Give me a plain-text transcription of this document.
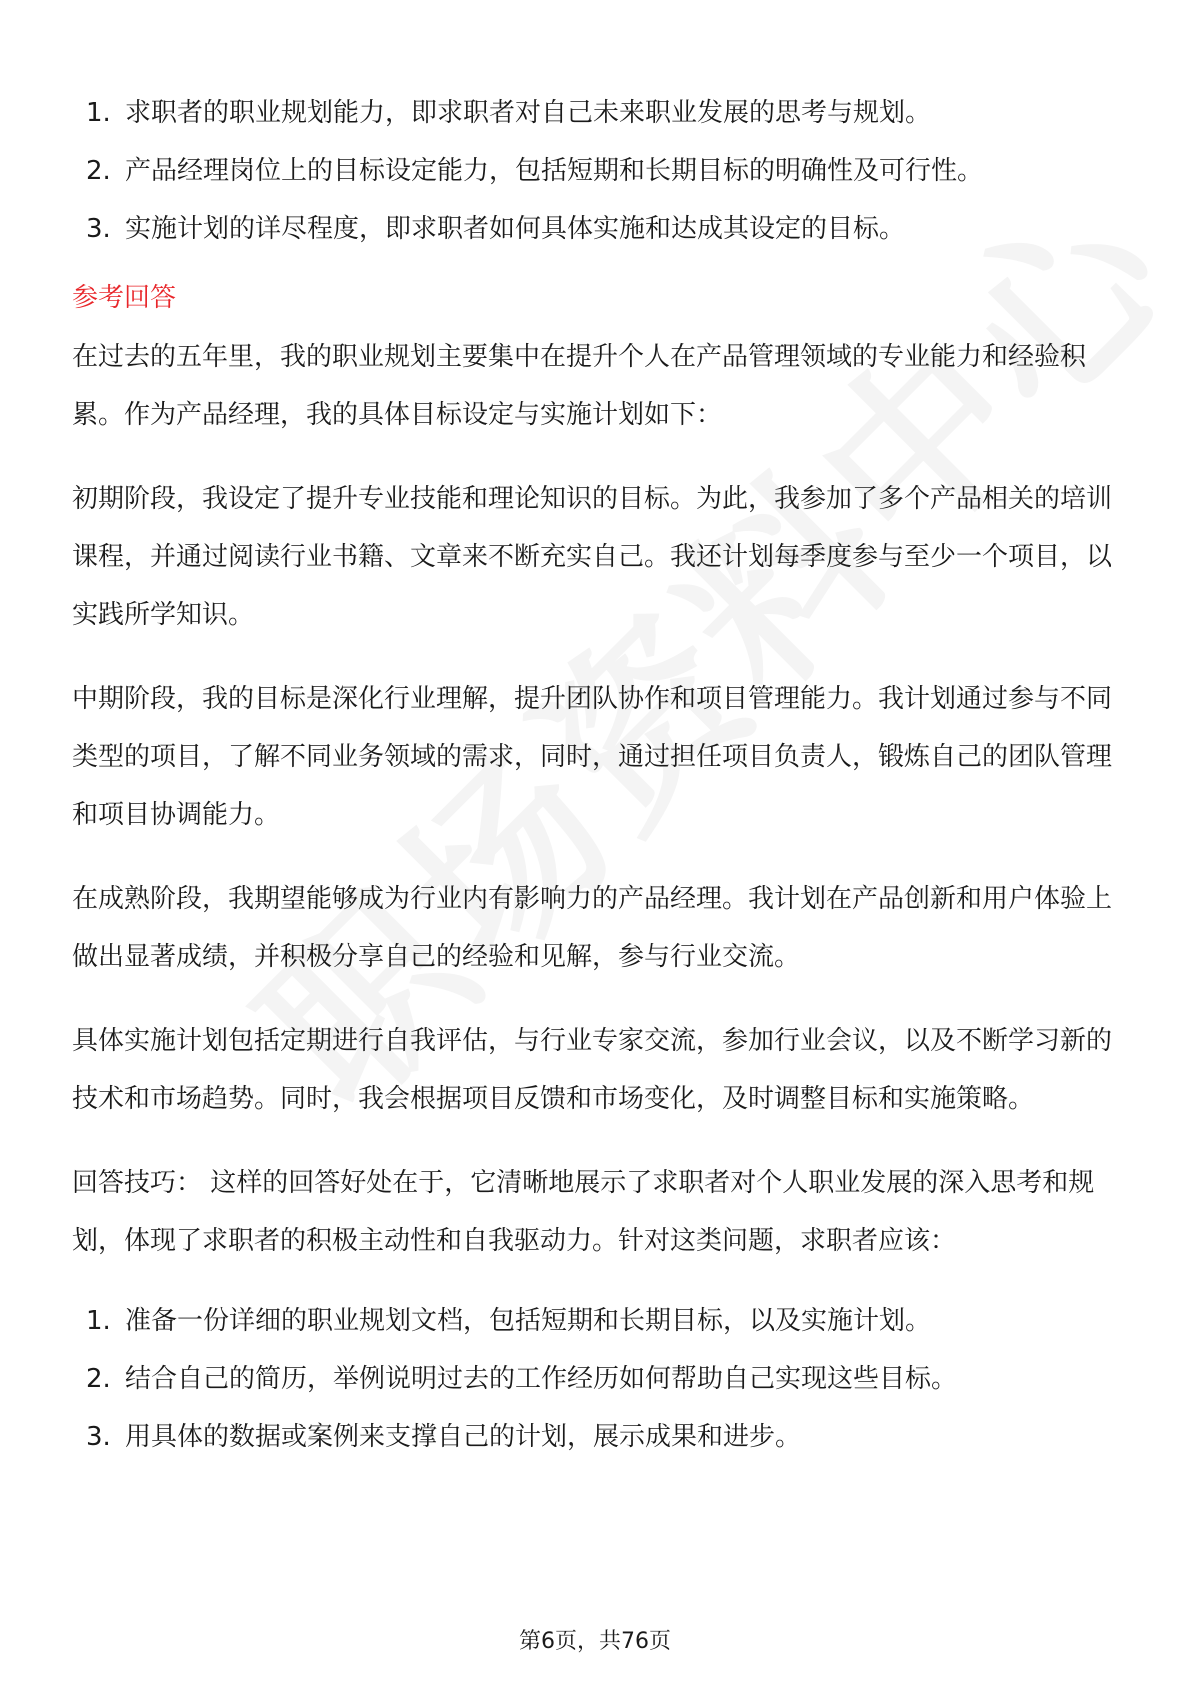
1. 求职者的职业规划能力，即求职者对自己未来职业发展的思考与规划。
2. 产品经理岗位上的目标设定能力，包括短期和长期目标的明确性及可行性。
3. 实施计划的详尽程度，即求职者如何具体实施和达成其设定的目标。
参考回答

在过去的五年里，我的职业规划主要集中在提升个人在产品管理领域的专业能力和经验积累。作为产品经理，我的具体目标设定与实施计划如下：

初期阶段，我设定了提升专业技能和理论知识的目标。为此，我参加了多个产品相关的培训课程，并通过阅读行业书籍、文章来不断充实自己。我还计划每季度参与至少一个项目，以实践所学知识。

中期阶段，我的目标是深化行业理解，提升团队协作和项目管理能力。我计划通过参与不同类型的项目，了解不同业务领域的需求，同时，通过担任项目负责人，锻炼自己的团队管理和项目协调能力。

在成熟阶段，我期望能够成为行业内有影响力的产品经理。我计划在产品创新和用户体验上做出显著成绩，并积极分享自己的经验和见解，参与行业交流。

具体实施计划包括定期进行自我评估，与行业专家交流，参加行业会议，以及不断学习新的技术和市场趋势。同时，我会根据项目反馈和市场变化，及时调整目标和实施策略。

回答技巧： 这样的回答好处在于，它清晰地展示了求职者对个人职业发展的深入思考和规划，体现了求职者的积极主动性和自我驱动力。针对这类问题，求职者应该：

1. 准备一份详细的职业规划文档，包括短期和长期目标，以及实施计划。
2. 结合自己的简历，举例说明过去的工作经历如何帮助自己实现这些目标。
3. 用具体的数据或案例来支撑自己的计划，展示成果和进步。
第6页，共76页
